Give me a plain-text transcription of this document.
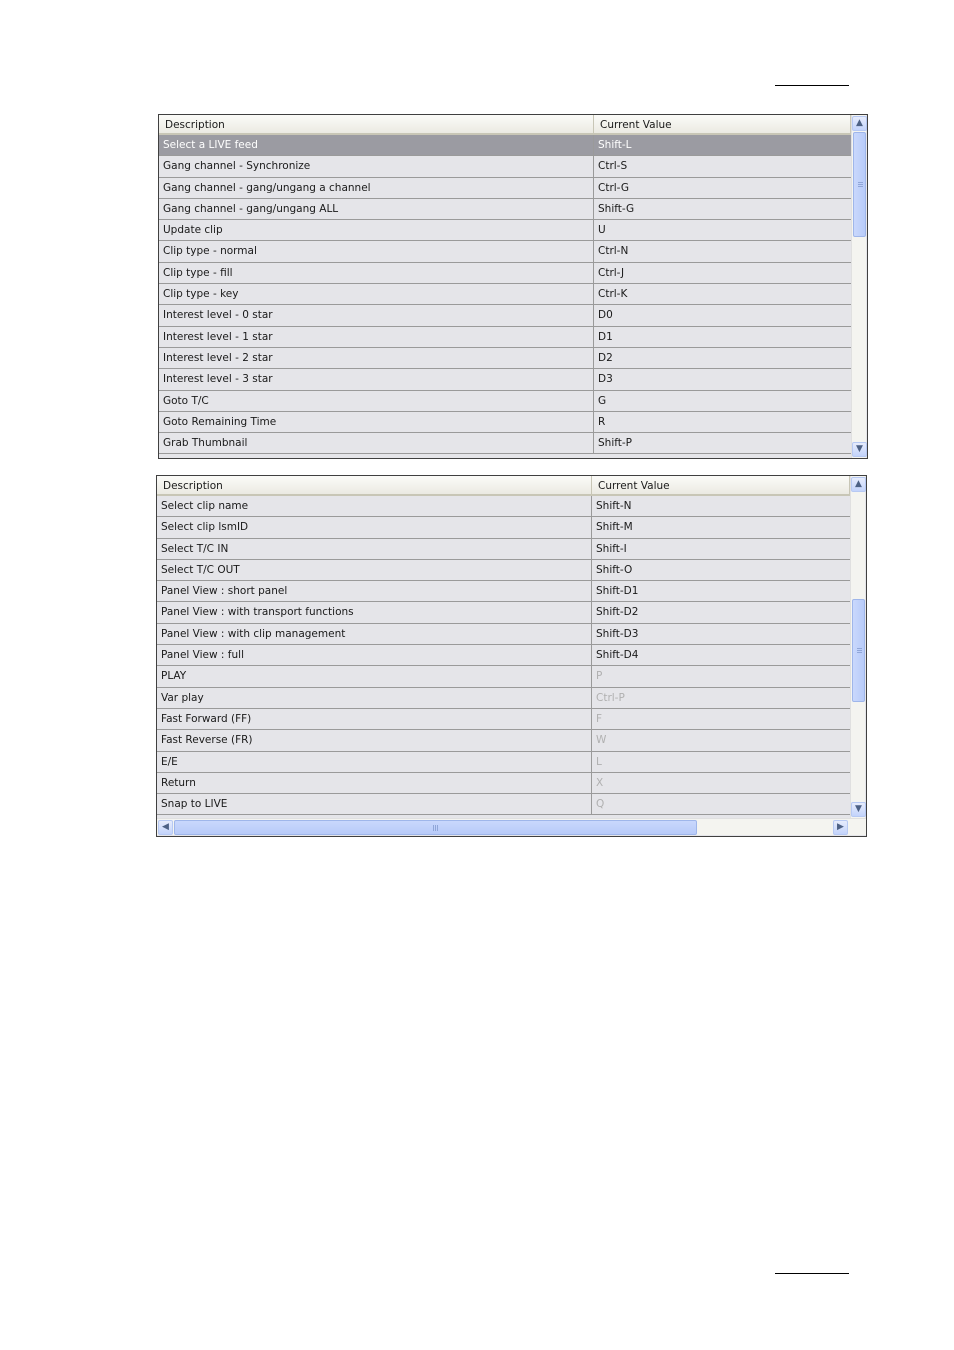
Description	Current Value
Select a LIVE feed	Shift-L
Gang channel - Synchronize	Ctrl-S
Gang channel - gang/ungang a channel	Ctrl-G
Gang channel - gang/ungang ALL	Shift-G
Update clip	U
Clip type - normal	Ctrl-N
Clip type - fill	Ctrl-J
Clip type - key	Ctrl-K
Interest level - 0 star	D0
Interest level - 1 star	D1
Interest level - 2 star	D2
Interest level - 3 star	D3
Goto T/C	G
Goto Remaining Time	R
Grab Thumbnail	Shift-P
▲
▼
Description	Current Value
Select clip name	Shift-N
Select clip lsmID	Shift-M
Select T/C IN	Shift-I
Select T/C OUT	Shift-O
Panel View : short panel	Shift-D1
Panel View : with transport functions	Shift-D2
Panel View : with clip management	Shift-D3
Panel View : full	Shift-D4
PLAY	P
Var play	Ctrl-P
Fast Forward (FF)	F
Fast Reverse (FR)	W
E/E	L
Return	X
Snap to LIVE	Q
▲
▼
◀	▶
